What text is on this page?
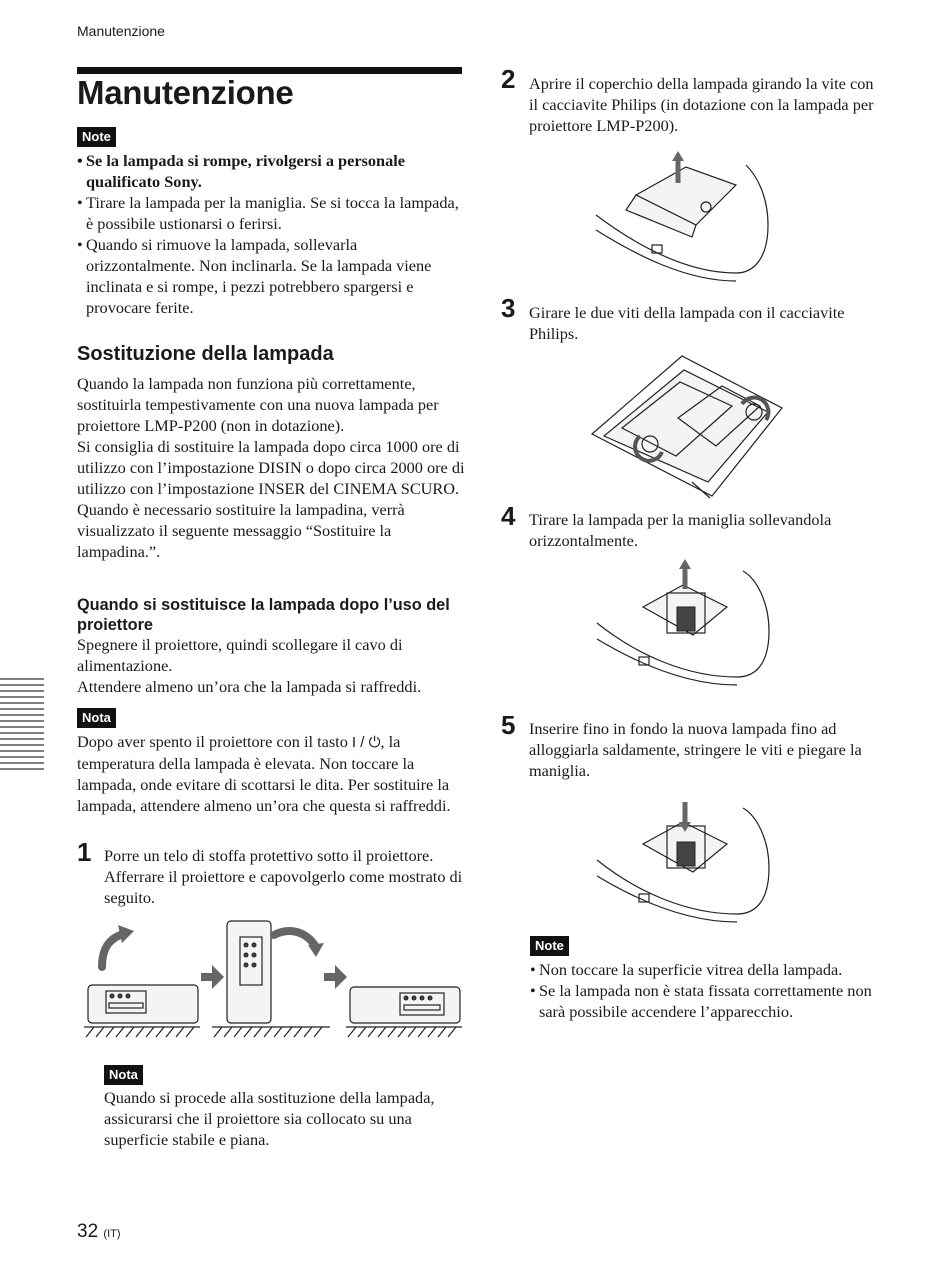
Manutenzione
Manutenzione
Note
• Se la lampada si rompe, rivolgersi a personale qualificato Sony.
• Tirare la lampada per la maniglia. Se si tocca la lampada, è possibile ustionarsi o ferirsi.
• Quando si rimuove la lampada, sollevarla orizzontalmente. Non inclinarla. Se la lampada viene inclinata e si rompe, i pezzi potrebbero spargersi e provocare ferite.
Sostituzione della lampada
Quando la lampada non funziona più correttamente, sostituirla tempestivamente con una nuova lampada per proiettore LMP-P200 (non in dotazione).
Si consiglia di sostituire la lampada dopo circa 1000 ore di utilizzo con l’impostazione DISIN o dopo circa 2000 ore di utilizzo con l’impostazione INSER del CINEMA SCURO.
Quando è necessario sostituire la lampadina, verrà visualizzato il seguente messaggio “Sostituire la lampadina.”.
Quando si sostituisce la lampada dopo l’uso del proiettore
Spegnere il proiettore, quindi scollegare il cavo di alimentazione.
Attendere almeno un’ora che la lampada si raffreddi.
Nota
Dopo aver spento il proiettore con il tasto I / ⏻, la temperatura della lampada è elevata. Non toccare la lampada, onde evitare di scottarsi le dita. Per sostituire la lampada, attendere almeno un’ora che questa si raffreddi.
1 Porre un telo di stoffa protettivo sotto il proiettore. Afferrare il proiettore e capovolgerlo come mostrato di seguito.
Nota
Quando si procede alla sostituzione della lampada, assicurarsi che il proiettore sia collocato su una superficie stabile e piana.
2 Aprire il coperchio della lampada girando la vite con il cacciavite Philips (in dotazione con la lampada per proiettore LMP-P200).
3 Girare le due viti della lampada con il cacciavite Philips.
4 Tirare la lampada per la maniglia sollevandola orizzontalmente.
5 Inserire fino in fondo la nuova lampada fino ad alloggiarla saldamente, stringere le viti e piegare la maniglia.
Note
• Non toccare la superficie vitrea della lampada.
• Se la lampada non è stata fissata correttamente non sarà possibile accendere l’apparecchio.
32 (IT)
